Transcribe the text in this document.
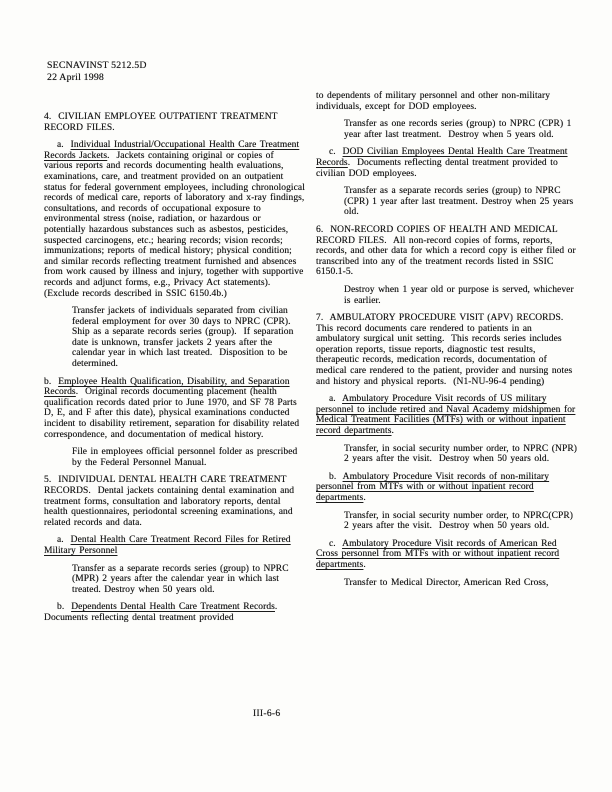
SECNAVINST 5212.5D
22 April 1998

4.  CIVILIAN EMPLOYEE OUTPATIENT TREATMENT RECORD FILES.

a.  Individual Industrial/Occupational Health Care Treatment Records Jackets.  Jackets containing original or copies of various reports and records documenting health evaluations, examinations, care, and treatment provided on an outpatient status for federal government employees, including chronological records of medical care, reports of laboratory and x-ray findings, consultations, and records of occupational exposure to environmental stress (noise, radiation, or hazardous or potentially hazardous substances such as asbestos, pesticides, suspected carcinogens, etc.; hearing records; vision records; immunizations; reports of medical history; physical condition; and similar records reflecting treatment furnished and absences from work caused by illness and injury, together with supportive records and adjunct forms, e.g., Privacy Act statements).  (Exclude records described in SSIC 6150.4b.)

Transfer jackets of individuals separated from civilian federal employment for over 30 days to NPRC (CPR).  Ship as a separate records series (group).  If separation date is unknown, transfer jackets 2 years after the calendar year in which last treated.  Disposition to be determined.

b.  Employee Health Qualification, Disability, and Separation Records.  Original records documenting placement (health qualification records dated prior to June 1970, and SF 78 Parts D, E, and F after this date), physical examinations conducted incident to disability retirement, separation for disability related correspondence, and documentation of medical history.

File in employees official personnel folder as prescribed by the Federal Personnel Manual.

5.  INDIVIDUAL DENTAL HEALTH CARE TREATMENT RECORDS.  Dental jackets containing dental examination and treatment forms, consultation and laboratory reports, dental health questionnaires, periodontal screening examinations, and related records and data.

a.  Dental Health Care Treatment Record Files for Retired Military Personnel

Transfer as a separate records series (group) to NPRC (MPR) 2 years after the calendar year in which last treated. Destroy when 50 years old.

b.  Dependents Dental Health Care Treatment Records.  Documents reflecting dental treatment provided

to dependents of military personnel and other non-military individuals, except for DOD employees.

Transfer as one records series (group) to NPRC (CPR) 1 year after last treatment.  Destroy when 5 years old.

c.  DOD Civilian Employees Dental Health Care Treatment Records.  Documents reflecting dental treatment provided to civilian DOD employees.

Transfer as a separate records series (group) to NPRC (CPR) 1 year after last treatment. Destroy when 25 years old.

6.  NON-RECORD COPIES OF HEALTH AND MEDICAL RECORD FILES.  All non-record copies of forms, reports, records, and other data for which a record copy is either filed or transcribed into any of the treatment records listed in SSIC 6150.1-5.

Destroy when 1 year old or purpose is served, whichever is earlier.

7.  AMBULATORY PROCEDURE VISIT (APV) RECORDS.  This record documents care rendered to patients in an ambulatory surgical unit setting.  This records series includes operation reports, tissue reports, diagnostic test results, therapeutic records, medication records, documentation of medical care rendered to the patient, provider and nursing notes and history and physical reports.  (N1-NU-96-4 pending)

a.  Ambulatory Procedure Visit records of US military personnel to include retired and Naval Academy midshipmen for Medical Treatment Facilities (MTFs) with or without inpatient record departments.

Transfer, in social security number order, to NPRC (NPR) 2 years after the visit.  Destroy when 50 years old.

b.  Ambulatory Procedure Visit records of non-military personnel from MTFs with or without inpatient record departments.

Transfer, in social security number order, to NPRC(CPR) 2 years after the visit.  Destroy when 50 years old.

c.  Ambulatory Procedure Visit records of American Red Cross personnel from MTFs with or without inpatient record departments.

Transfer to Medical Director, American Red Cross,

III-6-6
